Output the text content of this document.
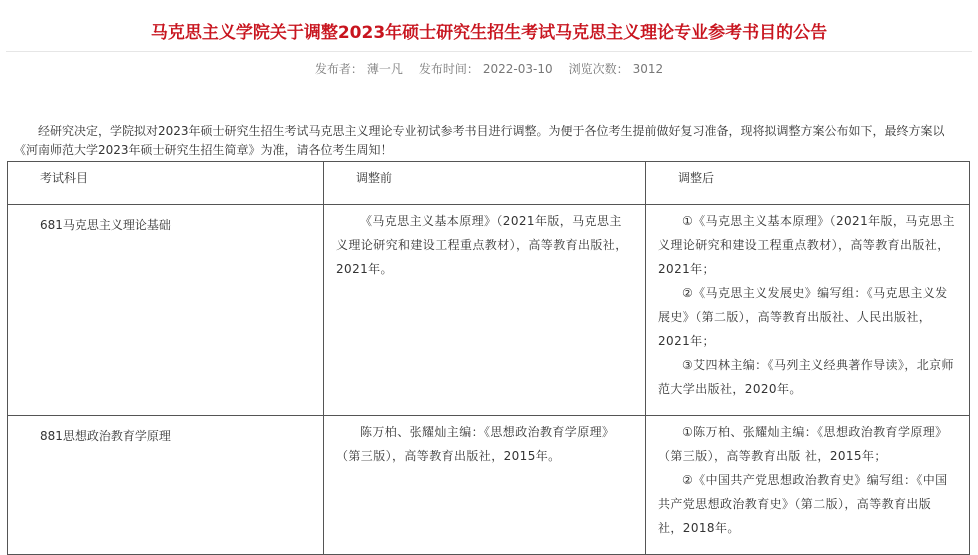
马克思主义学院关于调整2023年硕士研究生招生考试马克思主义理论专业参考书目的公告
发布者： 薄一凡 发布时间： 2022-03-10 浏览次数： 3012

经研究决定，学院拟对2023年硕士研究生招生考试马克思主义理论专业初试参考书目进行调整。为便于各位考生提前做好复习准备，现将拟调整方案公布如下，最终方案以《河南师范大学2023年硕士研究生招生简章》为准，请各位考生周知！

考试科目	调整前	调整后
681马克思主义理论基础	《马克思主义基本原理》（2021年版，马克思主义理论研究和建设工程重点教材），高等教育出版社，2021年。	①《马克思主义基本原理》（2021年版，马克思主义理论研究和建设工程重点教材），高等教育出版社，2021年；

②《马克思主义发展史》编写组：《马克思主义发展史》（第二版），高等教育出版社、人民出版社，2021年；

③艾四林主编：《马列主义经典著作导读》，北京师范大学出版社，2020年。

881思想政治教育学原理	陈万柏、张耀灿主编：《思想政治教育学原理》（第三版），高等教育出版社，2015年。	①陈万柏、张耀灿主编：《思想政治教育学原理》（第三版），高等教育出版 社，2015年；

②《中国共产党思想政治教育史》编写组：《中国共产党思想政治教育史》（第二版），高等教育出版社，2018年。
